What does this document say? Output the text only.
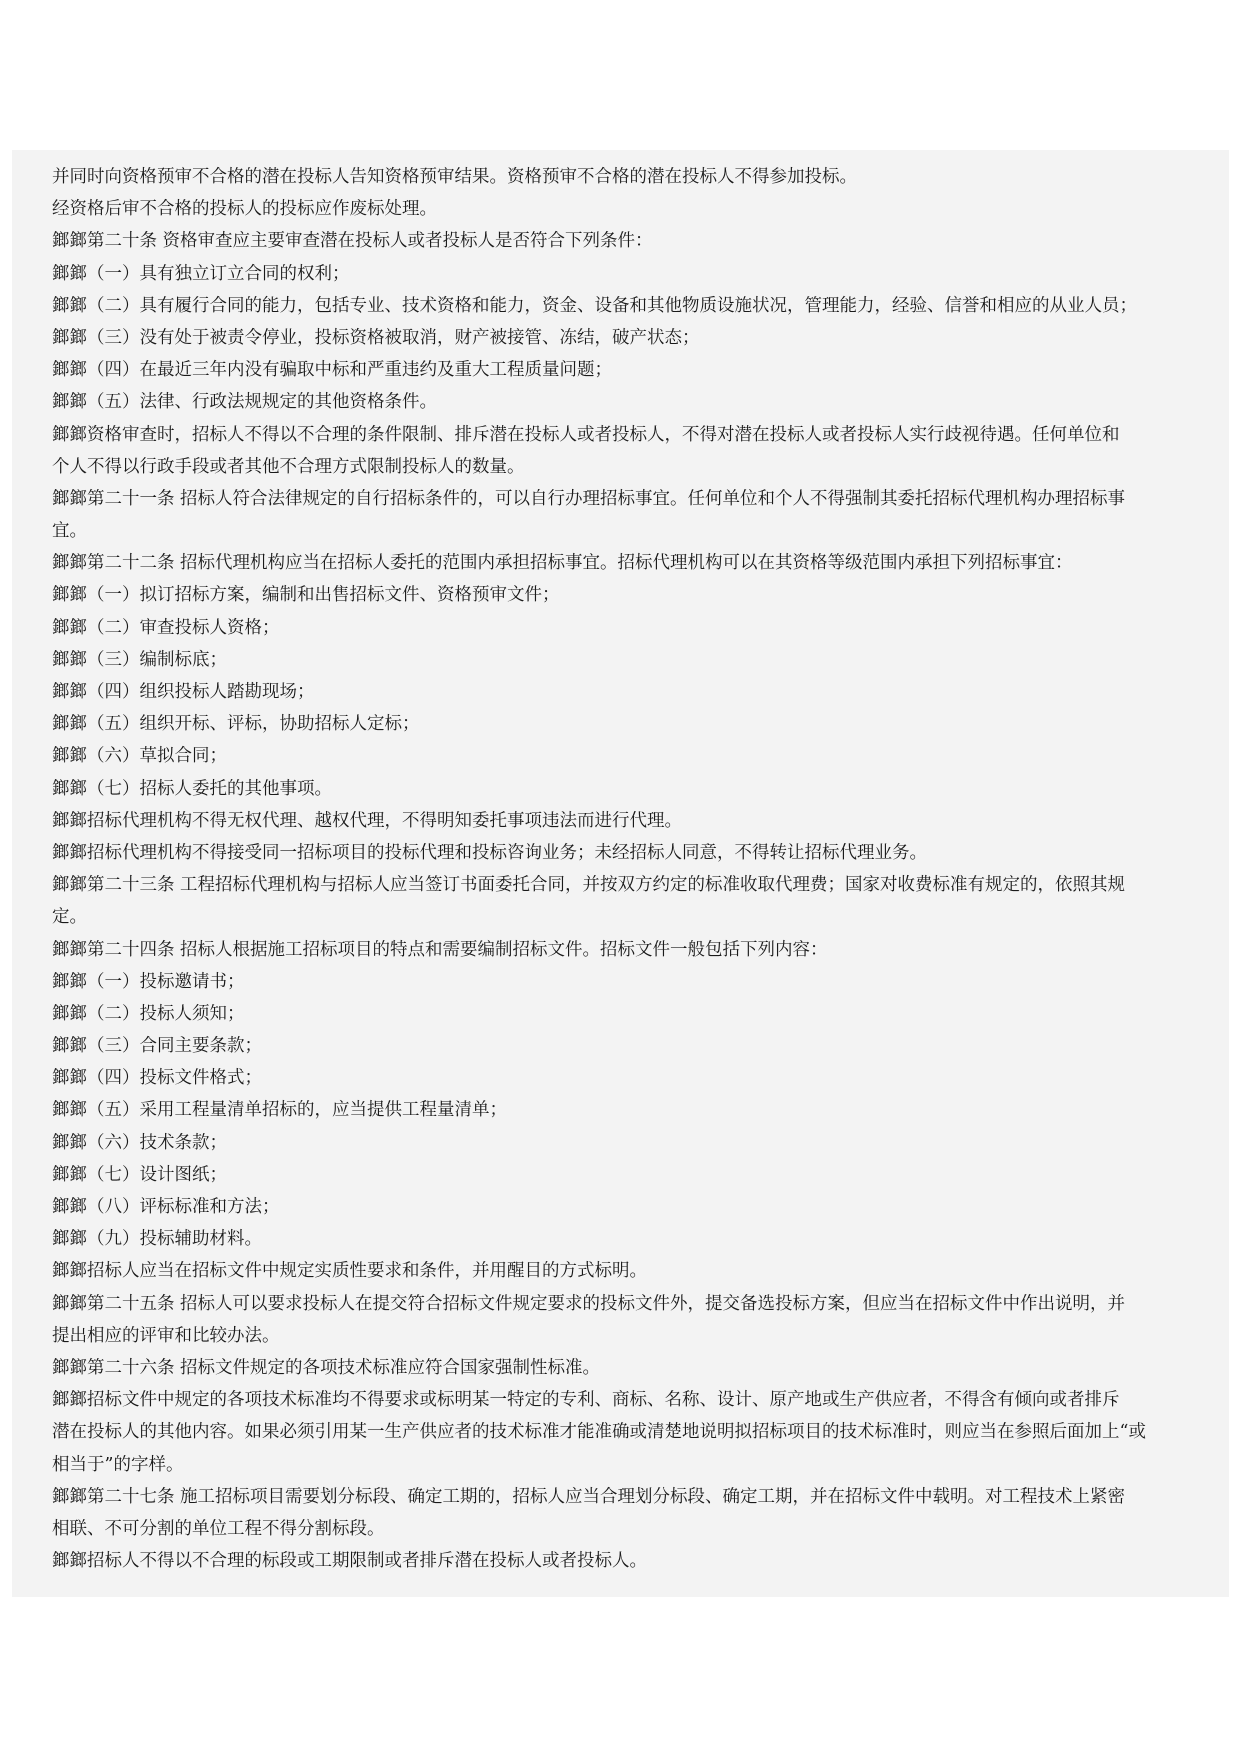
并同时向资格预审不合格的潜在投标人告知资格预审结果。资格预审不合格的潜在投标人不得参加投标。
经资格后审不合格的投标人的投标应作废标处理。
鎯鎯第二十条 资格审查应主要审查潜在投标人或者投标人是否符合下列条件：
鎯鎯（一）具有独立订立合同的权利；
鎯鎯（二）具有履行合同的能力，包括专业、技术资格和能力，资金、设备和其他物质设施状况，管理能力，经验、信誉和相应的从业人员；
鎯鎯（三）没有处于被责令停业，投标资格被取消，财产被接管、冻结，破产状态；
鎯鎯（四）在最近三年内没有骗取中标和严重违约及重大工程质量问题；
鎯鎯（五）法律、行政法规规定的其他资格条件。
鎯鎯资格审查时，招标人不得以不合理的条件限制、排斥潜在投标人或者投标人，不得对潜在投标人或者投标人实行歧视待遇。任何单位和
个人不得以行政手段或者其他不合理方式限制投标人的数量。
鎯鎯第二十一条 招标人符合法律规定的自行招标条件的，可以自行办理招标事宜。任何单位和个人不得强制其委托招标代理机构办理招标事
宜。
鎯鎯第二十二条 招标代理机构应当在招标人委托的范围内承担招标事宜。招标代理机构可以在其资格等级范围内承担下列招标事宜：
鎯鎯（一）拟订招标方案，编制和出售招标文件、资格预审文件；
鎯鎯（二）审查投标人资格；
鎯鎯（三）编制标底；
鎯鎯（四）组织投标人踏勘现场；
鎯鎯（五）组织开标、评标，协助招标人定标；
鎯鎯（六）草拟合同；
鎯鎯（七）招标人委托的其他事项。
鎯鎯招标代理机构不得无权代理、越权代理，不得明知委托事项违法而进行代理。
鎯鎯招标代理机构不得接受同一招标项目的投标代理和投标咨询业务；未经招标人同意，不得转让招标代理业务。
鎯鎯第二十三条 工程招标代理机构与招标人应当签订书面委托合同，并按双方约定的标准收取代理费；国家对收费标准有规定的，依照其规
定。
鎯鎯第二十四条 招标人根据施工招标项目的特点和需要编制招标文件。招标文件一般包括下列内容：
鎯鎯（一）投标邀请书；
鎯鎯（二）投标人须知；
鎯鎯（三）合同主要条款；
鎯鎯（四）投标文件格式；
鎯鎯（五）采用工程量清单招标的，应当提供工程量清单；
鎯鎯（六）技术条款；
鎯鎯（七）设计图纸；
鎯鎯（八）评标标准和方法；
鎯鎯（九）投标辅助材料。
鎯鎯招标人应当在招标文件中规定实质性要求和条件，并用醒目的方式标明。
鎯鎯第二十五条 招标人可以要求投标人在提交符合招标文件规定要求的投标文件外，提交备选投标方案，但应当在招标文件中作出说明，并
提出相应的评审和比较办法。
鎯鎯第二十六条 招标文件规定的各项技术标准应符合国家强制性标准。
鎯鎯招标文件中规定的各项技术标准均不得要求或标明某一特定的专利、商标、名称、设计、原产地或生产供应者，不得含有倾向或者排斥
潜在投标人的其他内容。如果必须引用某一生产供应者的技术标准才能准确或清楚地说明拟招标项目的技术标准时，则应当在参照后面加上“或
相当于”的字样。
鎯鎯第二十七条 施工招标项目需要划分标段、确定工期的，招标人应当合理划分标段、确定工期，并在招标文件中载明。对工程技术上紧密
相联、不可分割的单位工程不得分割标段。
鎯鎯招标人不得以不合理的标段或工期限制或者排斥潜在投标人或者投标人。
